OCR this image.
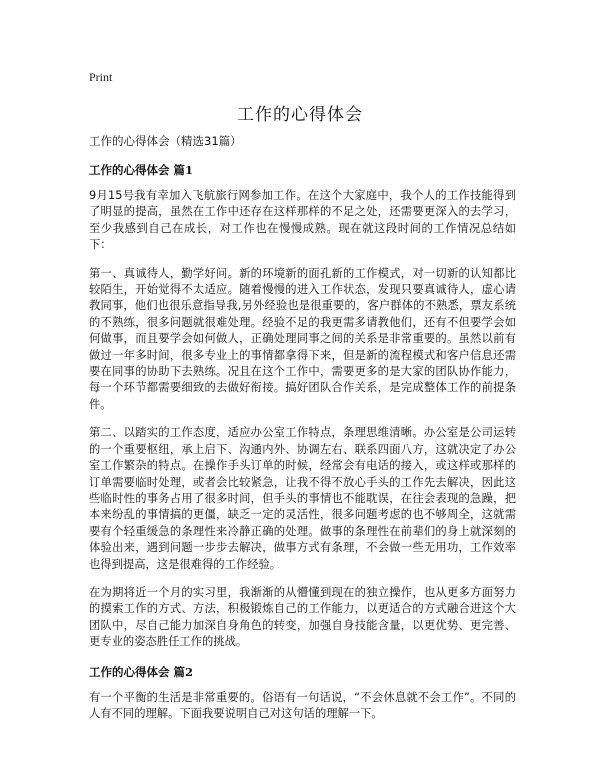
Print
工作的心得体会

工作的心得体会（精选31篇）

工作的心得体会 篇1

9月15号我有幸加入飞航旅行网参加工作。在这个大家庭中，我个人的工作技能得到了明显的提高，虽然在工作中还存在这样那样的不足之处，还需要更深入的去学习，至少我感到自己在成长，对工作也在慢慢成熟。现在就这段时间的工作情况总结如下：

第一、真诚待人，勤学好问。新的环境新的面孔新的工作模式，对一切新的认知都比较陌生，开始觉得不太适应。随着慢慢的进入工作状态，发现只要真诚待人，虚心请教同事，他们也很乐意指导我,另外经验也是很重要的，客户群体的不熟悉，票友系统的不熟练，很多问题就很难处理。经验不足的我更需多请教他们，还有不但要学会如何做事，而且要学会如何做人，正确处理同事之间的关系是非常重要的。虽然以前有做过一年多时间，很多专业上的事情都拿得下来，但是新的流程模式和客户信息还需要在同事的协助下去熟练。况且在这个工作中，需要更多的是大家的团队协作能力，每一个环节都需要细致的去做好衔接。搞好团队合作关系，是完成整体工作的前提条件。

第二、以踏实的工作态度，适应办公室工作特点，条理思维清晰。办公室是公司运转的一个重要枢纽，承上启下、沟通内外、协调左右、联系四面八方，这就决定了办公室工作繁杂的特点。在操作手头订单的时候，经常会有电话的接入，或这样或那样的订单需要临时处理，或者会比较紧急，让我不得不放心手头的工作先去解决，因此这些临时性的事务占用了很多时间，但手头的事情也不能耽误，在往会表现的急躁，把本来纷乱的事情搞的更僵，缺乏一定的灵活性，很多问题考虑的也不够周全，这就需要有个轻重缓急的条理性来冷静正确的处理。做事的条理性在前辈们的身上就深刻的体验出来，遇到问题一步步去解决，做事方式有条理，不会做一些无用功，工作效率也得到提高，这是很难得的工作经验。

在为期将近一个月的实习里，我渐渐的从懵懂到现在的独立操作，也从更多方面努力的摸索工作的方式、方法，积极锻炼自己的工作能力，以更适合的方式融合进这个大团队中，尽自己能力加深自身角色的转变，加强自身技能含量，以更优势、更完善、更专业的姿态胜任工作的挑战。

工作的心得体会 篇2

有一个平衡的生活是非常重要的。俗语有一句话说，“不会休息就不会工作”。不同的人有不同的理解。下面我要说明自己对这句话的理解一下。
